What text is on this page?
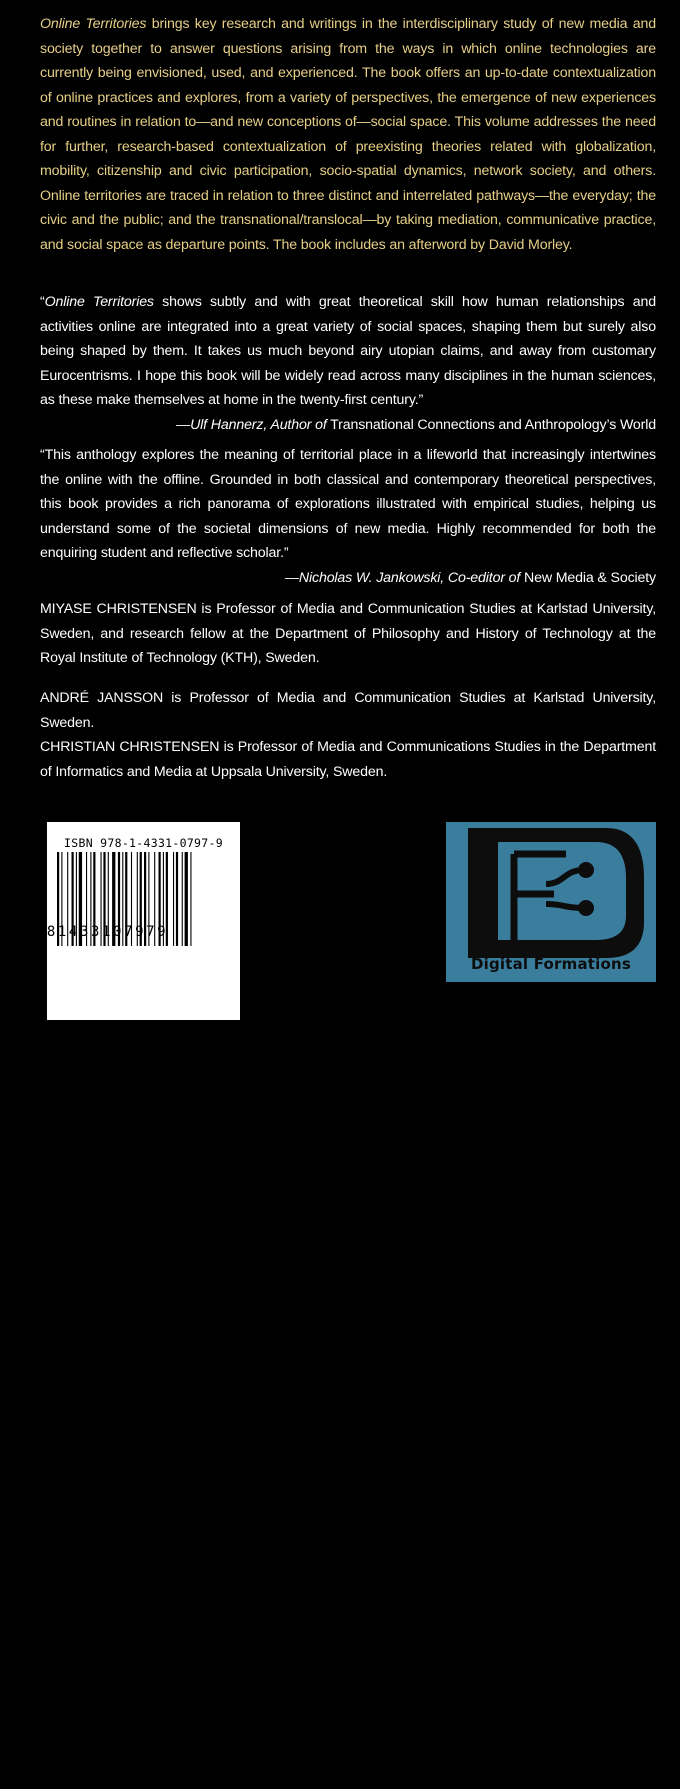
Online Territories brings key research and writings in the interdisciplinary study of new media and society together to answer questions arising from the ways in which online technologies are currently being envisioned, used, and experienced. The book offers an up-to-date contextualization of online practices and explores, from a variety of perspectives, the emergence of new experiences and routines in relation to—and new conceptions of—social space. This volume addresses the need for further, research-based contextualization of preexisting theories related with globalization, mobility, citizenship and civic participation, socio-spatial dynamics, network society, and others. Online territories are traced in relation to three distinct and interrelated pathways—the everyday; the civic and the public; and the transnational/translocal—by taking mediation, communicative practice, and social space as departure points. The book includes an afterword by David Morley.
“Online Territories shows subtly and with great theoretical skill how human relationships and activities online are integrated into a great variety of social spaces, shaping them but surely also being shaped by them. It takes us much beyond airy utopian claims, and away from customary Eurocentrisms. I hope this book will be widely read across many disciplines in the human sciences, as these make themselves at home in the twenty-first century.”
—Ulf Hannerz, Author of Transnational Connections and Anthropology’s World
“This anthology explores the meaning of territorial place in a lifeworld that increasingly intertwines the online with the offline. Grounded in both classical and contemporary theoretical perspectives, this book provides a rich panorama of explorations illustrated with empirical studies, helping us understand some of the societal dimensions of new media. Highly recommended for both the enquiring student and reflective scholar.”
—Nicholas W. Jankowski, Co-editor of New Media & Society
MIYASE CHRISTENSEN is Professor of Media and Communication Studies at Karlstad University, Sweden, and research fellow at the Department of Philosophy and History of Technology at the Royal Institute of Technology (KTH), Sweden.
ANDRÉ JANSSON is Professor of Media and Communication Studies at Karlstad University, Sweden.
CHRISTIAN CHRISTENSEN is Professor of Media and Communications Studies in the Department of Informatics and Media at Uppsala University, Sweden.
ISBN 978-1-4331-0797-9
www.peterlang.com
9781433107979
Digital Formations
